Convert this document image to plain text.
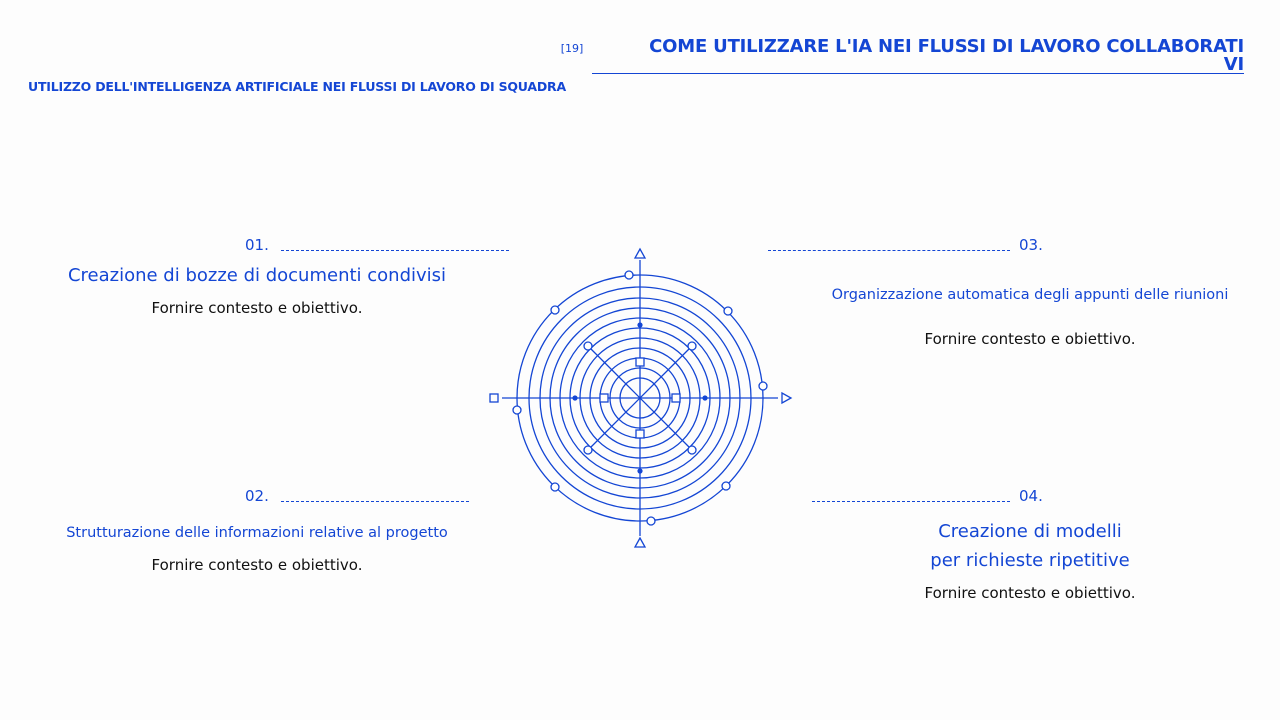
[19]	COME UTILIZZARE L'IA NEI FLUSSI DI LAVORO COLLABORATIVI
UTILIZZO DELL'INTELLIGENZA ARTIFICIALE NEI FLUSSI DI LAVORO DI SQUADRA
01.
Creazione di bozze di documenti condivisi
Fornire contesto e obiettivo.
02.
Strutturazione delle informazioni relative al progetto
Fornire contesto e obiettivo.
03.
Organizzazione automatica degli appunti delle riunioni
Fornire contesto e obiettivo.
04.
Creazione di modelli
per richieste ripetitive
Fornire contesto e obiettivo.
